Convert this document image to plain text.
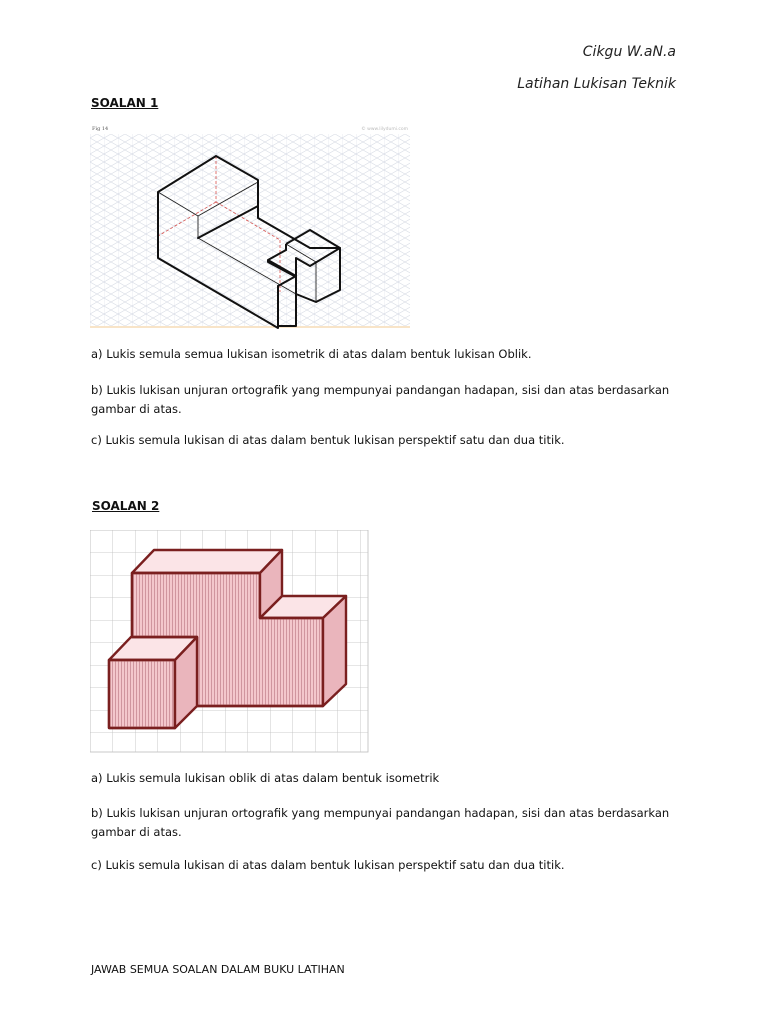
Cikgu W.aN.a
Latihan Lukisan Teknik
SOALAN 1
Fig 14	© www.lilydumi.com
a) Lukis semula semua lukisan isometrik di atas dalam bentuk lukisan Oblik.
b) Lukis lukisan unjuran ortografik yang mempunyai pandangan hadapan, sisi dan atas berdasarkan gambar di atas.
c) Lukis semula lukisan di atas dalam bentuk lukisan perspektif satu dan dua titik.
SOALAN 2
a) Lukis semula lukisan oblik di atas dalam bentuk isometrik
b) Lukis lukisan unjuran ortografik yang mempunyai pandangan hadapan, sisi dan atas berdasarkan gambar di atas.
c) Lukis semula lukisan di atas dalam bentuk lukisan perspektif satu dan dua titik.
JAWAB SEMUA SOALAN DALAM BUKU LATIHAN
